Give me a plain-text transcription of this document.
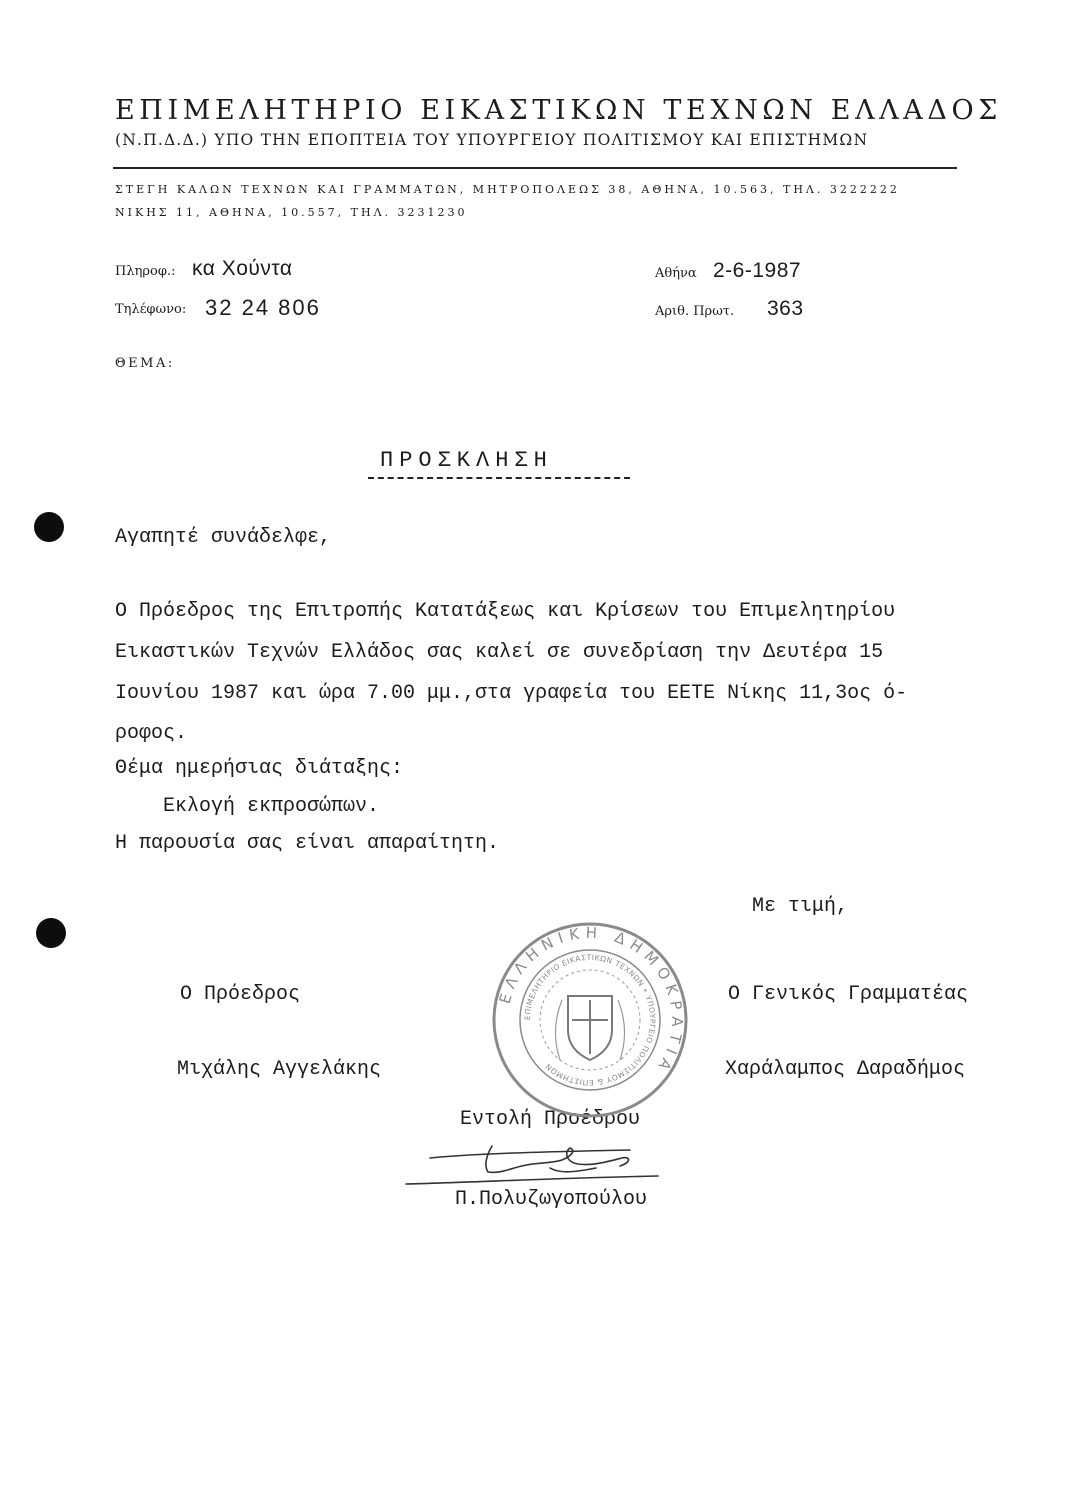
ΕΠΙΜΕΛΗΤΗΡΙΟ ΕΙΚΑΣΤΙΚΩΝ ΤΕΧΝΩΝ ΕΛΛΑΔΟΣ
(Ν.Π.Δ.Δ.) ΥΠΟ ΤΗΝ ΕΠΟΠΤΕΙΑ ΤΟΥ ΥΠΟΥΡΓΕΙΟΥ ΠΟΛΙΤΙΣΜΟΥ ΚΑΙ ΕΠΙΣΤΗΜΩΝ
ΣΤΕΓΗ ΚΑΛΩΝ ΤΕΧΝΩΝ ΚΑΙ ΓΡΑΜΜΑΤΩΝ, ΜΗΤΡΟΠΟΛΕΩΣ 38, ΑΘΗΝΑ, 10.563, ΤΗΛ. 3222222
ΝΙΚΗΣ 11, ΑΘΗΝΑ, 10.557, ΤΗΛ. 3231230
Πληροφ.: κα Χούντα
Τηλέφωνο: 32 24 806
Αθήνα 2-6-1987
Αριθ. Πρωτ. 363
ΘΕΜΑ:
ΠΡΟΣΚΛΗΣΗ
Αγαπητέ συνάδελφε,
Ο Πρόεδρος της Επιτροπής Κατατάξεως και Κρίσεων του Επιμελητηρίου
Εικαστικών Τεχνών Ελλάδος σας καλεί σε συνεδρίαση την Δευτέρα 15
Ιουνίου 1987 και ώρα 7.00 μμ.,στα γραφεία του ΕΕΤΕ Νίκης 11,3ος ό-
ροφος.
Θέμα ημερήσιας διάταξης:
Εκλογή εκπροσώπων.
Η παρουσία σας είναι απαραίτητη.
Με τιμή,
Ο Πρόεδρος	Ο Γενικός Γραμματέας
Μιχάλης Αγγελάκης	Χαράλαμπος Δαραδήμος
Εντολή Προέδρου
Π.Πολυζωγοπούλου
ΕΛΛΗΝΙΚΗ ΔΗΜΟΚΡΑΤΙΑ
ΕΠΙΜΕΛΗΤΗΡΙΟ ΕΙΚΑΣΤΙΚΩΝ ΤΕΧΝΩΝ • ΥΠΟΥΡΓΕΙΟ ΠΟΛΙΤΙΣΜΟΥ & ΕΠΙΣΤΗΜΩΝ
